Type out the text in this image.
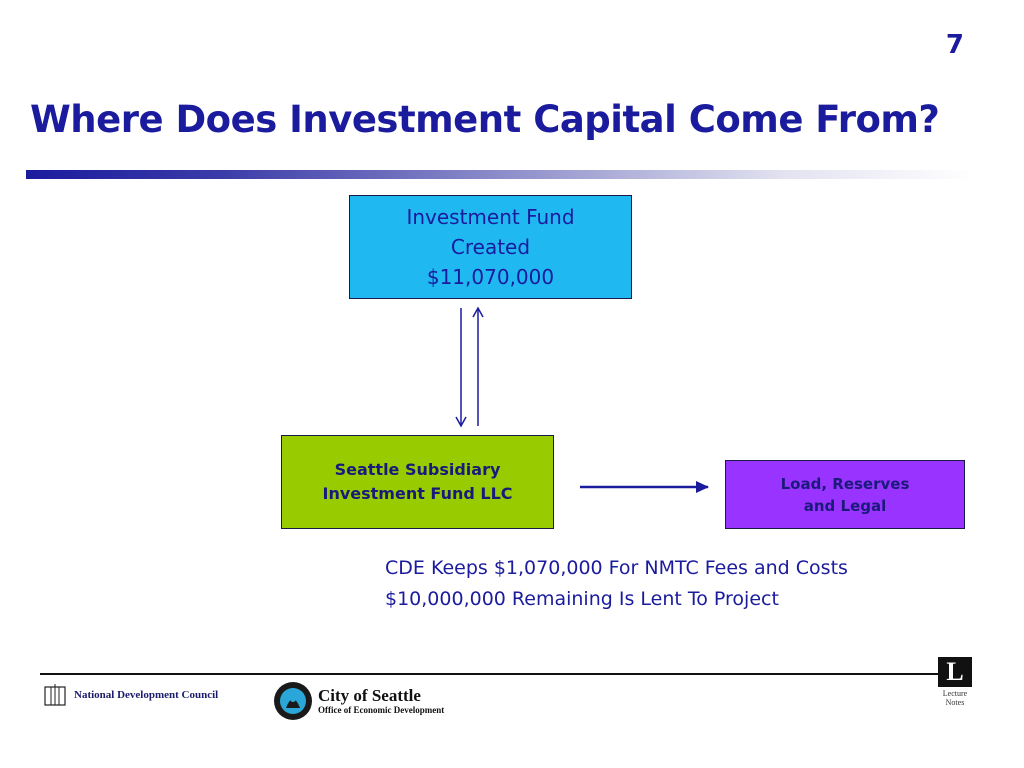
7
Where Does Investment Capital Come From?
Investment Fund
Created
$11,070,000
Seattle Subsidiary
Investment Fund LLC
Load, Reserves
and Legal
CDE Keeps $1,070,000 For NMTC Fees and Costs
$10,000,000 Remaining Is Lent To Project
National Development Council	City of Seattle
Office of Economic Development
L
Lecture
Notes
